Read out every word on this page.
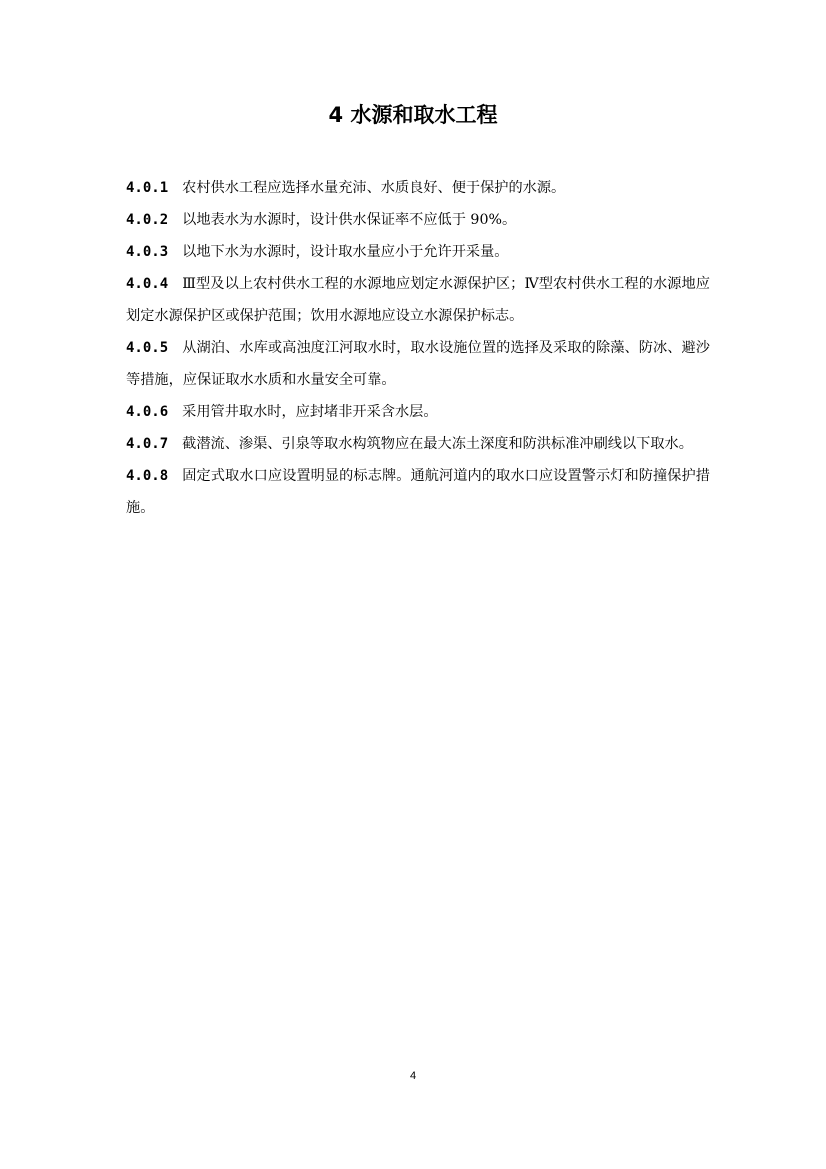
4 水源和取水工程

4.0.1 农村供水工程应选择水量充沛、水质良好、便于保护的水源。

4.0.2 以地表水为水源时，设计供水保证率不应低于 90%。

4.0.3 以地下水为水源时，设计取水量应小于允许开采量。

4.0.4 Ⅲ型及以上农村供水工程的水源地应划定水源保护区；Ⅳ型农村供水工程的水源地应划定水源保护区或保护范围；饮用水源地应设立水源保护标志。

4.0.5 从湖泊、水库或高浊度江河取水时，取水设施位置的选择及采取的除藻、防冰、避沙等措施，应保证取水水质和水量安全可靠。

4.0.6 采用管井取水时，应封堵非开采含水层。

4.0.7 截潜流、渗渠、引泉等取水构筑物应在最大冻土深度和防洪标准冲刷线以下取水。

4.0.8 固定式取水口应设置明显的标志牌。通航河道内的取水口应设置警示灯和防撞保护措施。

4
